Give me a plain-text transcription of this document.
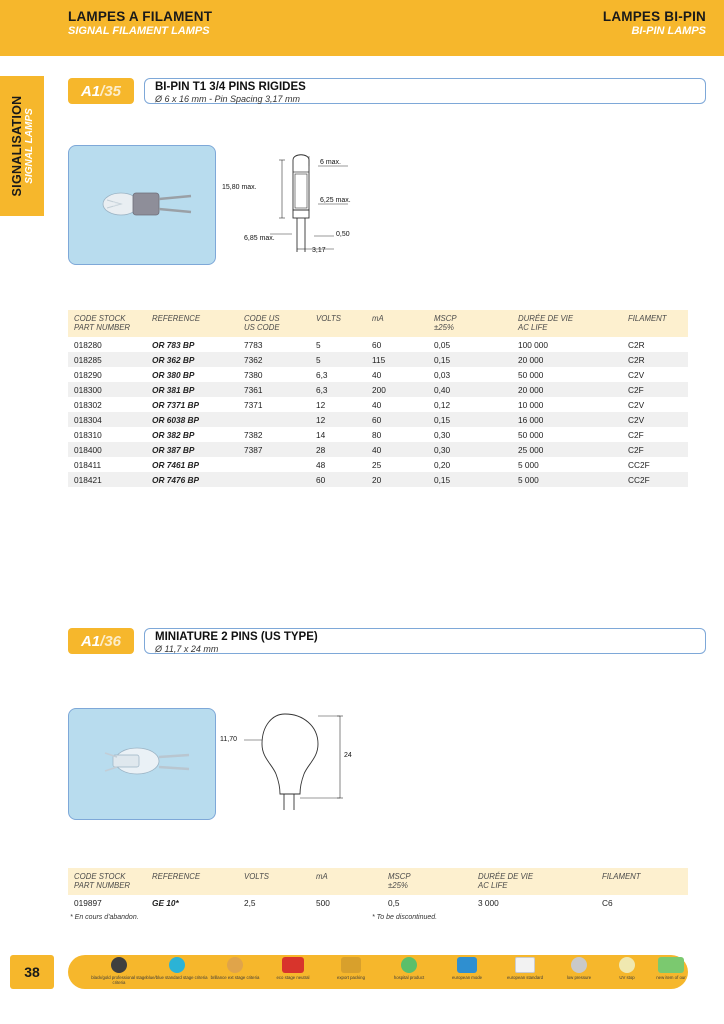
LAMPES A FILAMENT
SIGNAL FILAMENT LAMPS
LAMPES BI-PIN
BI-PIN LAMPS
SIGNALISATION SIGNAL LAMPS
A1 /35	BI-PIN T1 3/4 PINS RIGIDES
Ø 6 x 16 mm - Pin Spacing 3,17 mm
6 max.
15,80 max.
6,25 max.
6,85 max.
0,50
3,17
CODE STOCK
PART NUMBER	REFERENCE	CODE US
US CODE	VOLTS	mA	MSCP
±25%	DURÉE DE VIE
AC LIFE	FILAMENT
018280	OR 783 BP	7783	5	60	0,05	100 000	C2R
018285	OR 362 BP	7362	5	115	0,15	20 000	C2R
018290	OR 380 BP	7380	6,3	40	0,03	50 000	C2V
018300	OR 381 BP	7361	6,3	200	0,40	20 000	C2F
018302	OR 7371 BP	7371	12	40	0,12	10 000	C2V
018304	OR 6038 BP		12	60	0,15	16 000	C2V
018310	OR 382 BP	7382	14	80	0,30	50 000	C2F
018400	OR 387 BP	7387	28	40	0,30	25 000	C2F
018411	OR 7461 BP		48	25	0,20	5 000	CC2F
018421	OR 7476 BP		60	20	0,15	5 000	CC2F
A1 /36	MINIATURE 2 PINS (US TYPE)
Ø 11,7 x 24 mm
11,70
24
CODE STOCK
PART NUMBER	REFERENCE	VOLTS	mA	MSCP
±25%	DURÉE DE VIE
AC LIFE	FILAMENT
019897	GE 10*	2,5	500	0,5	3 000	C6
* En cours d'abandon.	* To be discontinued.
38	black/gold professional stage criteria
blue/blue standard stage criteria brillance ext stage criteria	eco stage neutral	export packing	hospital product	european mode	european standard	low pressure	UV stop	new item of our
